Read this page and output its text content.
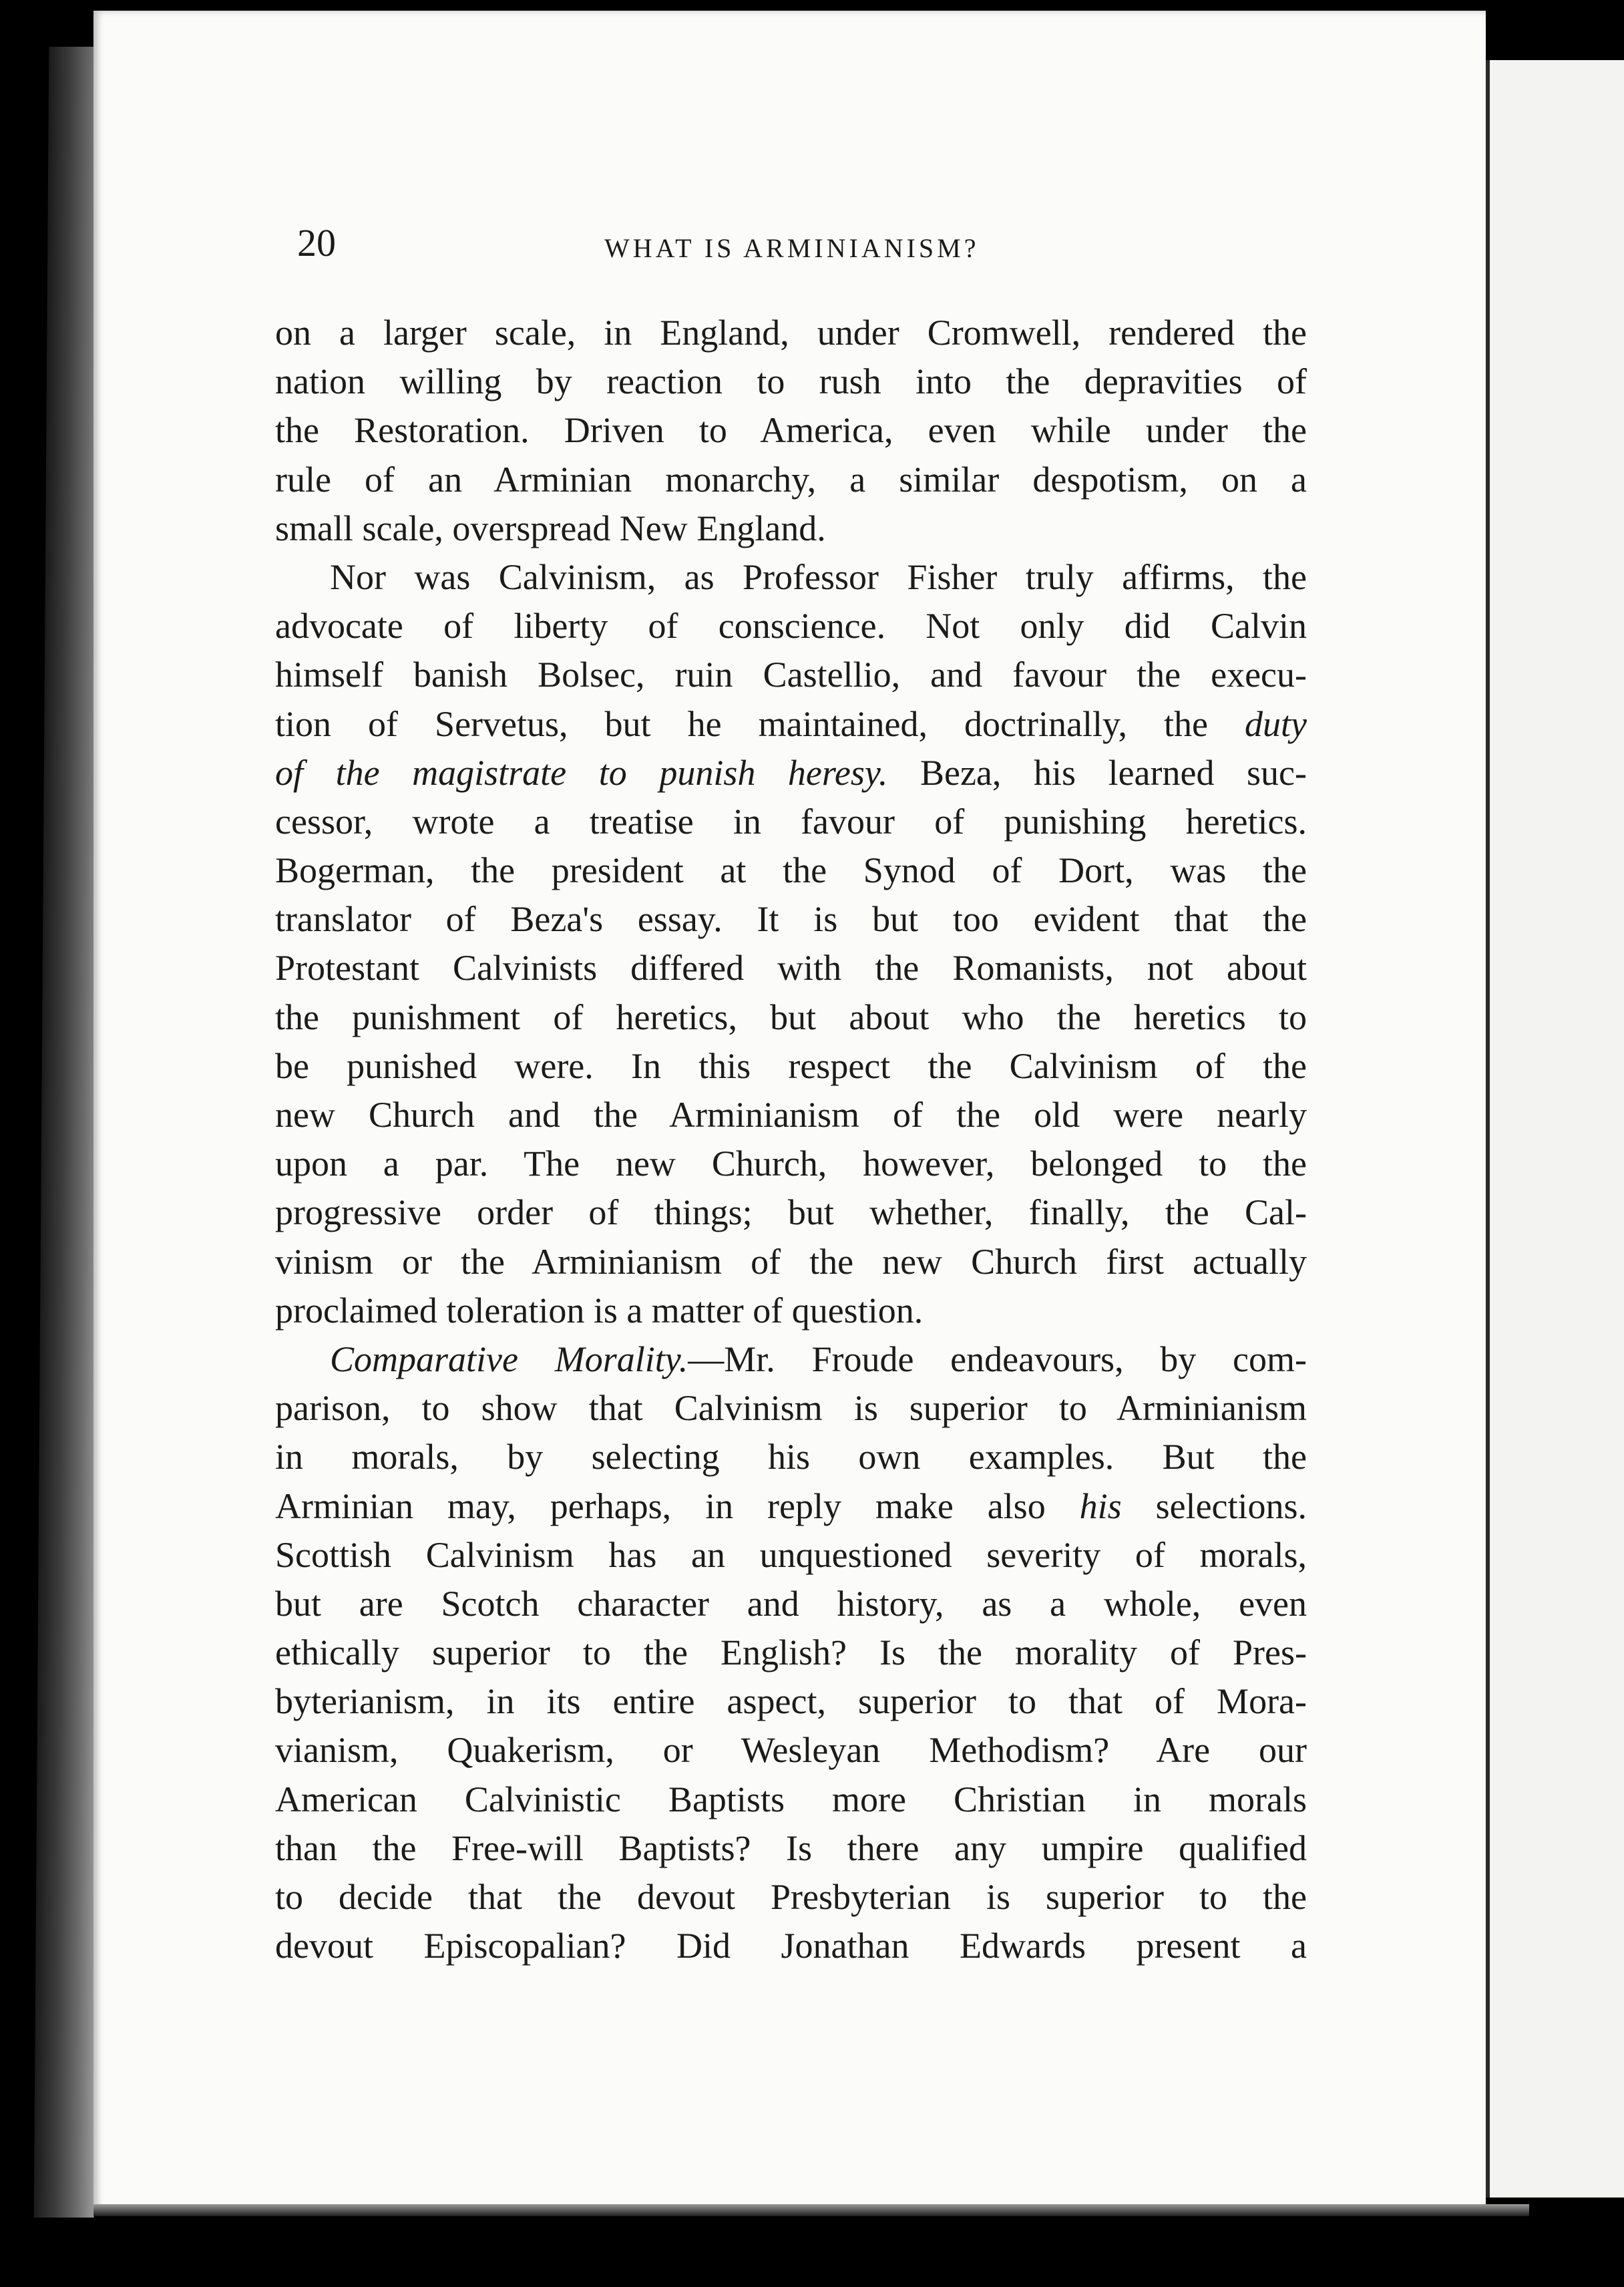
20	WHAT IS ARMINIANISM?
on a larger scale, in England, under Cromwell, rendered the
nation willing by reaction to rush into the depravities of
the Restoration. Driven to America, even while under the
rule of an Arminian monarchy, a similar despotism, on a
small scale, overspread New England.
Nor was Calvinism, as Professor Fisher truly affirms, the
advocate of liberty of conscience. Not only did Calvin
himself banish Bolsec, ruin Castellio, and favour the execu-
tion of Servetus, but he maintained, doctrinally, the duty
of the magistrate to punish heresy. Beza, his learned suc-
cessor, wrote a treatise in favour of punishing heretics.
Bogerman, the president at the Synod of Dort, was the
translator of Beza's essay. It is but too evident that the
Protestant Calvinists differed with the Romanists, not about
the punishment of heretics, but about who the heretics to
be punished were. In this respect the Calvinism of the
new Church and the Arminianism of the old were nearly
upon a par. The new Church, however, belonged to the
progressive order of things; but whether, finally, the Cal-
vinism or the Arminianism of the new Church first actually
proclaimed toleration is a matter of question.
Comparative Morality.—Mr. Froude endeavours, by com-
parison, to show that Calvinism is superior to Arminianism
in morals, by selecting his own examples. But the
Arminian may, perhaps, in reply make also his selections.
Scottish Calvinism has an unquestioned severity of morals,
but are Scotch character and history, as a whole, even
ethically superior to the English? Is the morality of Pres-
byterianism, in its entire aspect, superior to that of Mora-
vianism, Quakerism, or Wesleyan Methodism? Are our
American Calvinistic Baptists more Christian in morals
than the Free-will Baptists? Is there any umpire qualified
to decide that the devout Presbyterian is superior to the
devout Episcopalian? Did Jonathan Edwards present a
